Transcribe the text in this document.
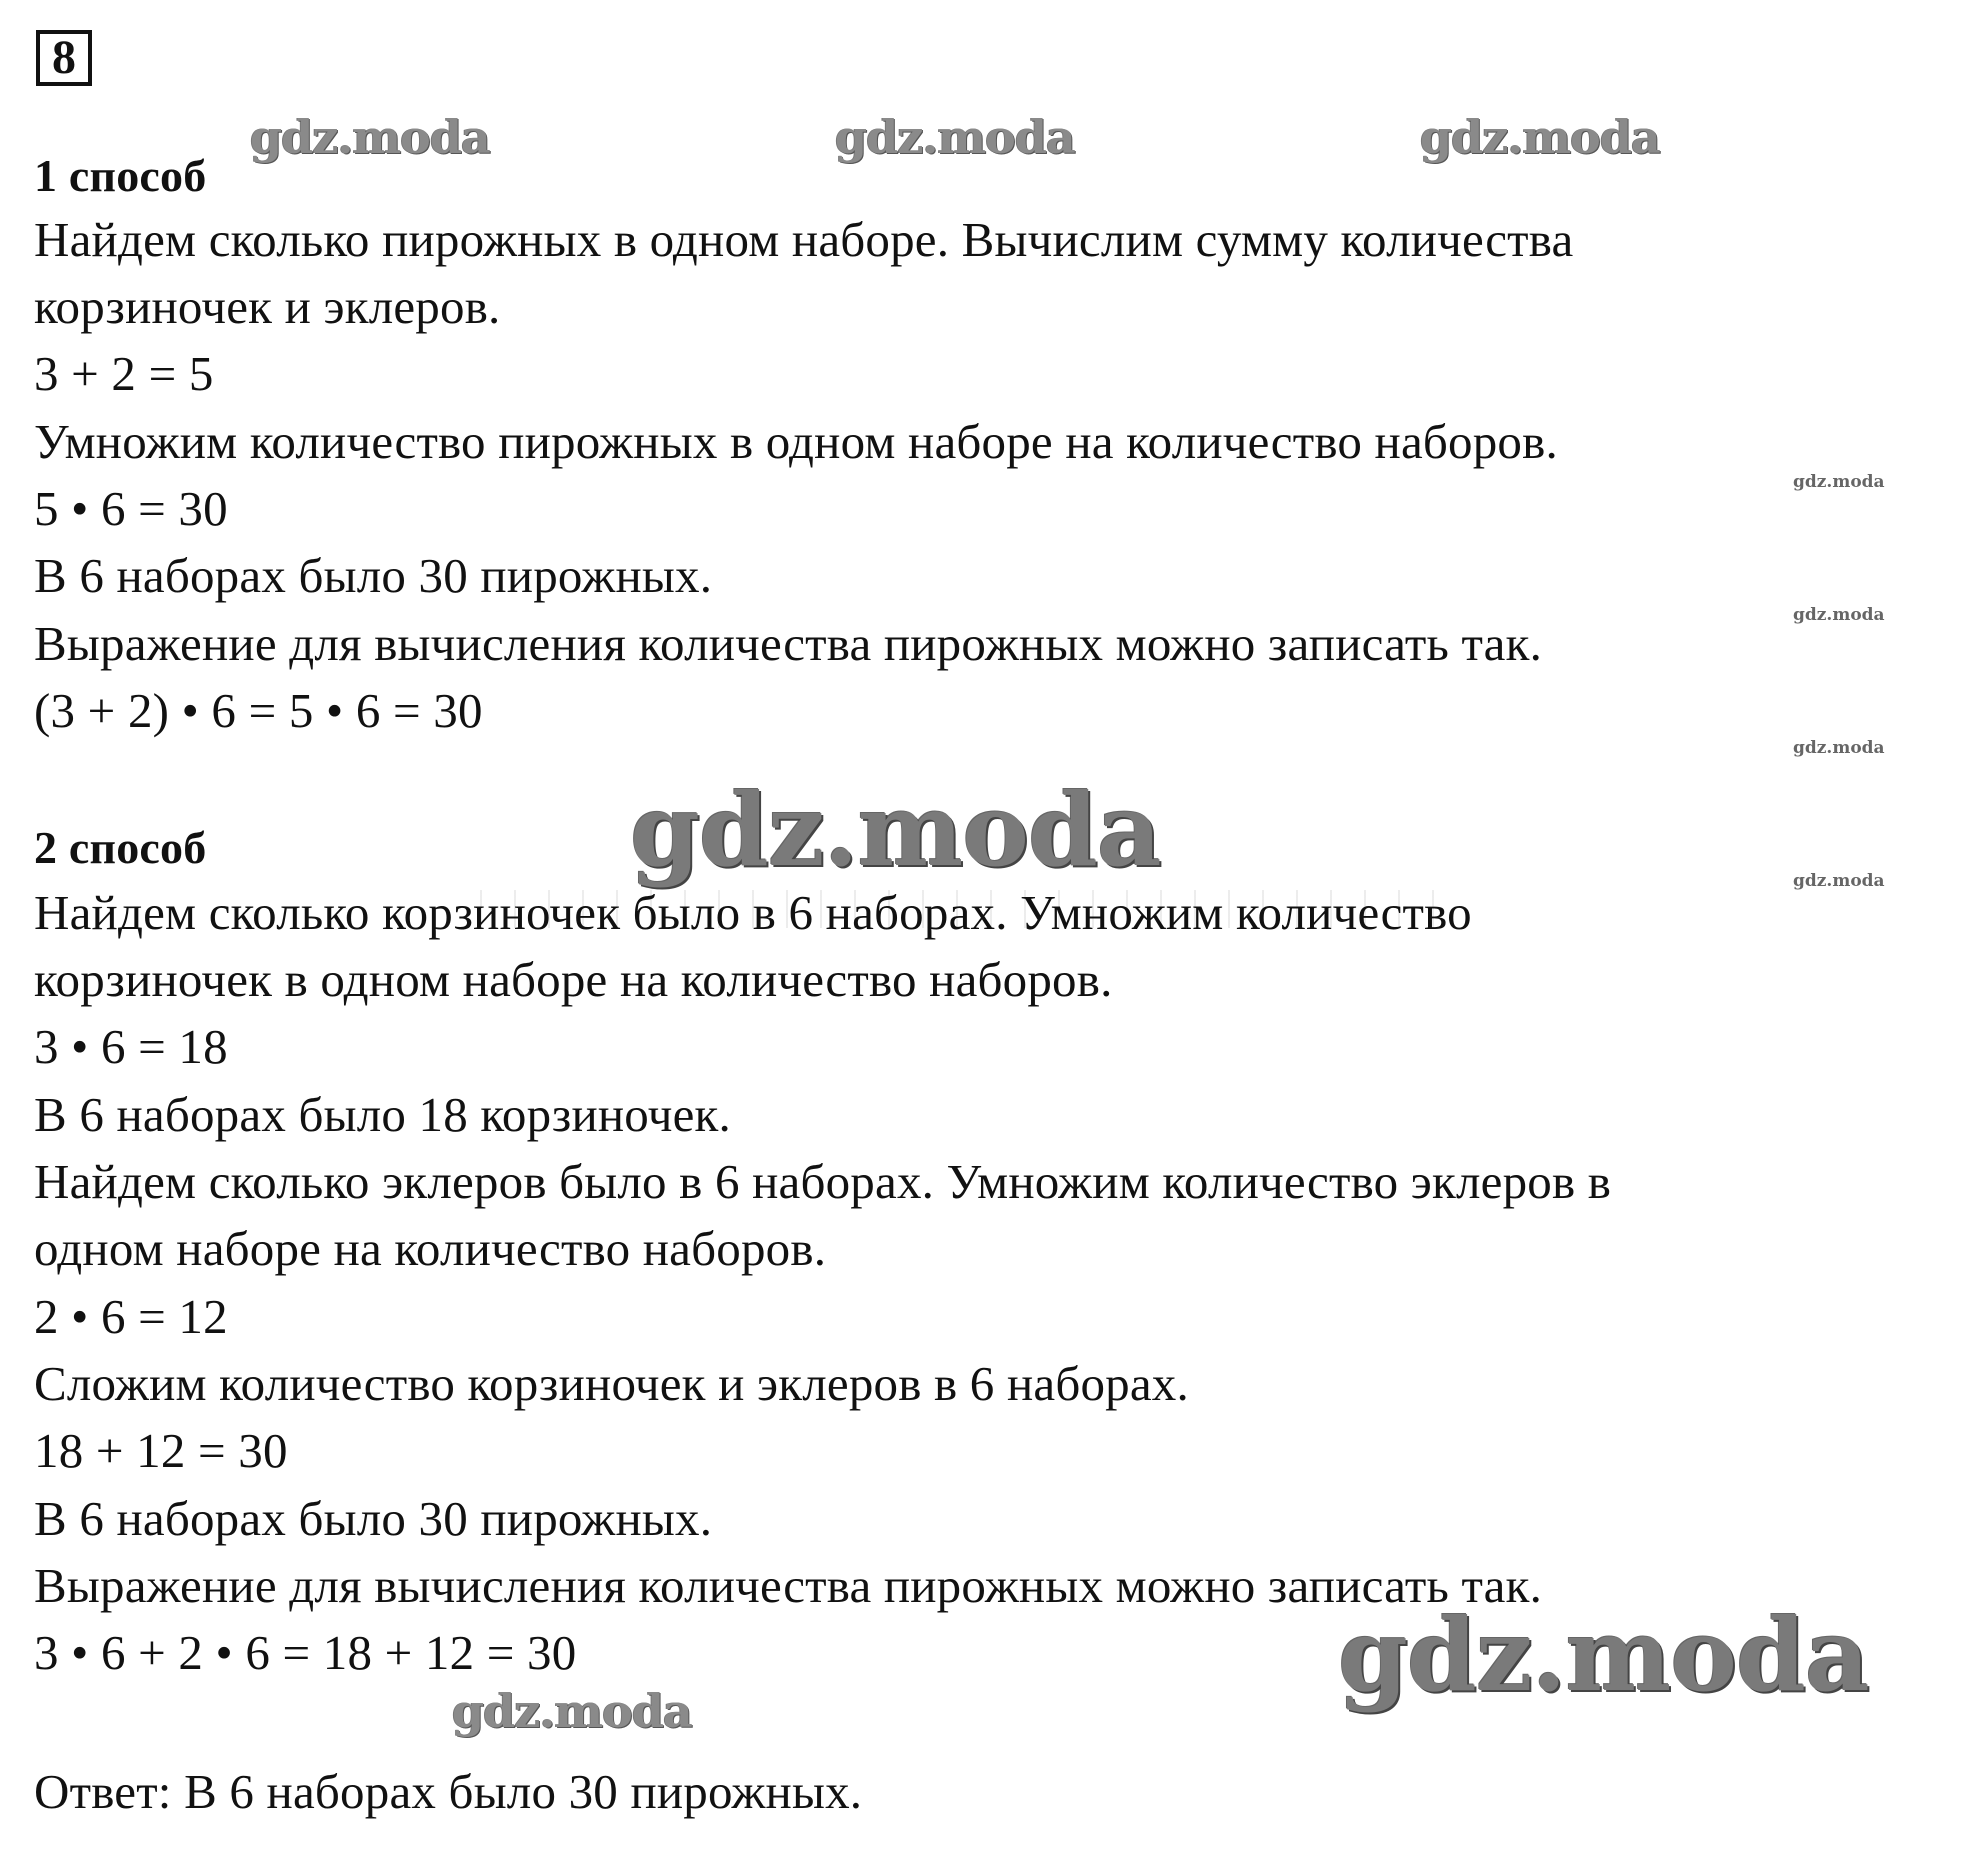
8
gdz.moda	gdz.moda	gdz.moda
gdz.moda
gdz.moda
gdz.moda
gdz.moda
gdz.moda
gdz.moda
gdz.moda
1 способ
Найдем сколько пирожных в одном наборе. Вычислим сумму количества
корзиночек и эклеров.
3 + 2 = 5
Умножим количество пирожных в одном наборе на количество наборов.
5 • 6 = 30
В 6 наборах было 30 пирожных.
Выражение для вычисления количества пирожных можно записать так.
(3 + 2) • 6 = 5 • 6 = 30
2 способ
Найдем сколько корзиночек было в 6 наборах. Умножим количество
корзиночек в одном наборе на количество наборов.
3 • 6 = 18
В 6 наборах было 18 корзиночек.
Найдем сколько эклеров было в 6 наборах. Умножим количество эклеров в
одном наборе на количество наборов.
2 • 6 = 12
Сложим количество корзиночек и эклеров в 6 наборах.
18 + 12 = 30
В 6 наборах было 30 пирожных.
Выражение для вычисления количества пирожных можно записать так.
3 • 6 + 2 • 6 = 18 + 12 = 30
Ответ: В 6 наборах было 30 пирожных.
